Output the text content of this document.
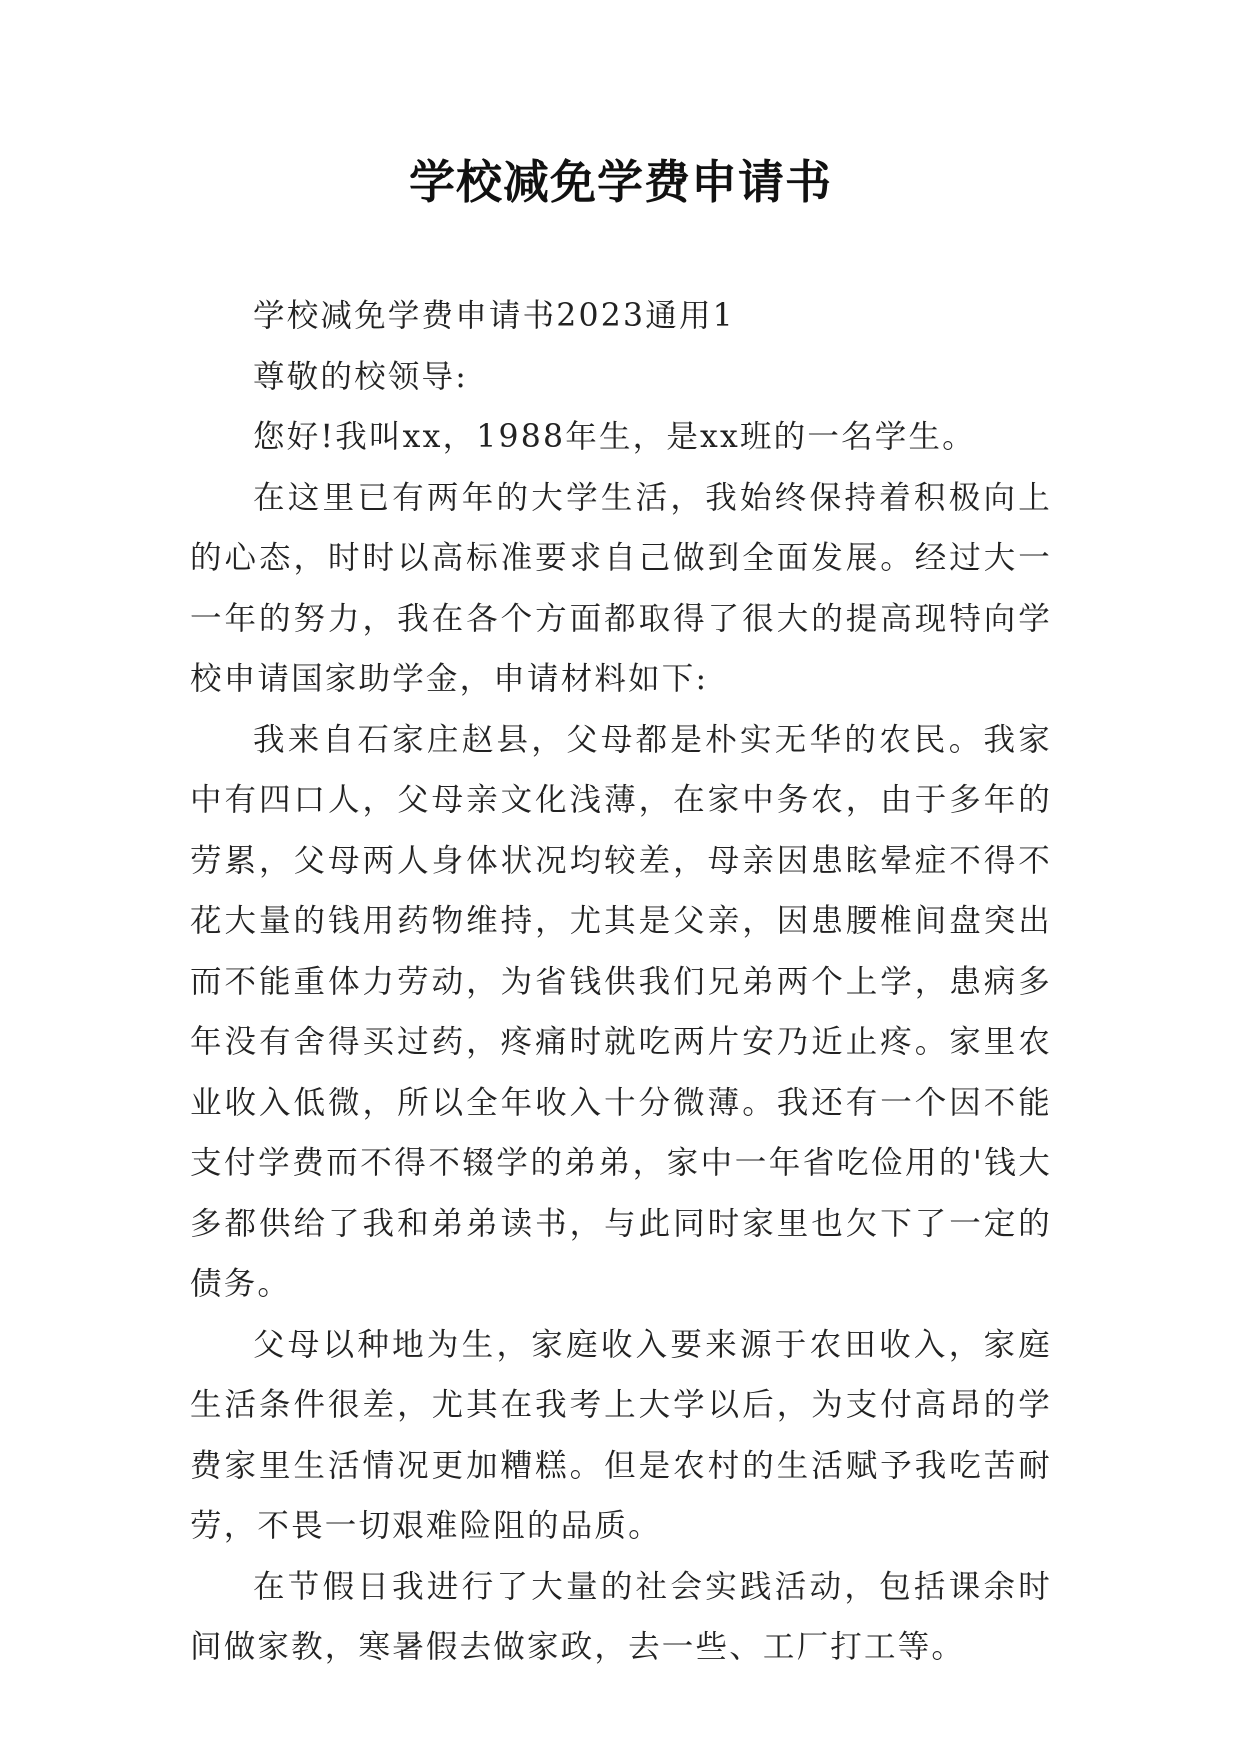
学校减免学费申请书

学校减免学费申请书2023通用1

尊敬的校领导:

您好!我叫xx，1988年生，是xx班的一名学生。

在这里已有两年的大学生活，我始终保持着积极向上的心态，时时以高标准要求自己做到全面发展。经过大一一年的努力，我在各个方面都取得了很大的提高现特向学校申请国家助学金，申请材料如下:

我来自石家庄赵县，父母都是朴实无华的农民。我家中有四口人，父母亲文化浅薄，在家中务农，由于多年的劳累，父母两人身体状况均较差，母亲因患眩晕症不得不花大量的钱用药物维持，尤其是父亲，因患腰椎间盘突出而不能重体力劳动，为省钱供我们兄弟两个上学，患病多年没有舍得买过药，疼痛时就吃两片安乃近止疼。家里农业收入低微，所以全年收入十分微薄。我还有一个因不能支付学费而不得不辍学的弟弟，家中一年省吃俭用的'钱大多都供给了我和弟弟读书，与此同时家里也欠下了一定的债务。

父母以种地为生，家庭收入要来源于农田收入，家庭生活条件很差，尤其在我考上大学以后，为支付高昂的学费家里生活情况更加糟糕。但是农村的生活赋予我吃苦耐劳，不畏一切艰难险阻的品质。

在节假日我进行了大量的社会实践活动，包括课余时间做家教，寒暑假去做家政，去一些、工厂打工等。
